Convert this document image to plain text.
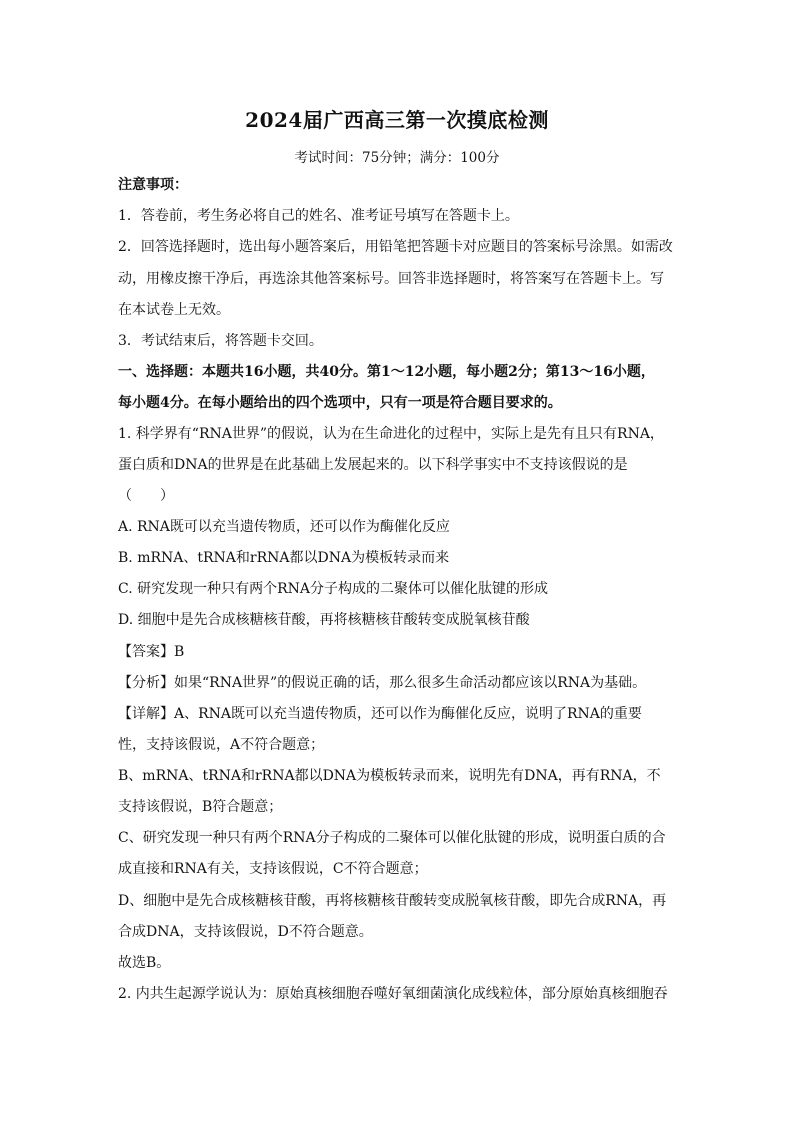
2024届广西高三第一次摸底检测
考试时间：75分钟；满分：100分
注意事项：
1．答卷前，考生务必将自己的姓名、准考证号填写在答题卡上。
2．回答选择题时，选出每小题答案后，用铅笔把答题卡对应题目的答案标号涂黑。如需改
动，用橡皮擦干净后，再选涂其他答案标号。回答非选择题时，将答案写在答题卡上。写
在本试卷上无效。
3．考试结束后，将答题卡交回。
一、选择题：本题共16小题，共40分。第1～12小题，每小题2分；第13～16小题，
每小题4分。在每小题给出的四个选项中，只有一项是符合题目要求的。
1. 科学界有“RNA世界”的假说，认为在生命进化的过程中，实际上是先有且只有RNA，
蛋白质和DNA的世界是在此基础上发展起来的。以下科学事实中不支持该假说的是
（　　）
A. RNA既可以充当遗传物质，还可以作为酶催化反应
B. mRNA、tRNA和rRNA都以DNA为模板转录而来
C. 研究发现一种只有两个RNA分子构成的二聚体可以催化肽键的形成
D. 细胞中是先合成核糖核苷酸，再将核糖核苷酸转变成脱氧核苷酸
【答案】B
【分析】如果“RNA世界”的假说正确的话，那么很多生命活动都应该以RNA为基础。
【详解】A、RNA既可以充当遗传物质，还可以作为酶催化反应，说明了RNA的重要
性，支持该假说，A不符合题意；
B、mRNA、tRNA和rRNA都以DNA为模板转录而来，说明先有DNA，再有RNA，不
支持该假说，B符合题意；
C、研究发现一种只有两个RNA分子构成的二聚体可以催化肽键的形成，说明蛋白质的合
成直接和RNA有关，支持该假说，C不符合题意；
D、细胞中是先合成核糖核苷酸，再将核糖核苷酸转变成脱氧核苷酸，即先合成RNA，再
合成DNA，支持该假说，D不符合题意。
故选B。
2. 内共生起源学说认为：原始真核细胞吞噬好氧细菌演化成线粒体，部分原始真核细胞吞
